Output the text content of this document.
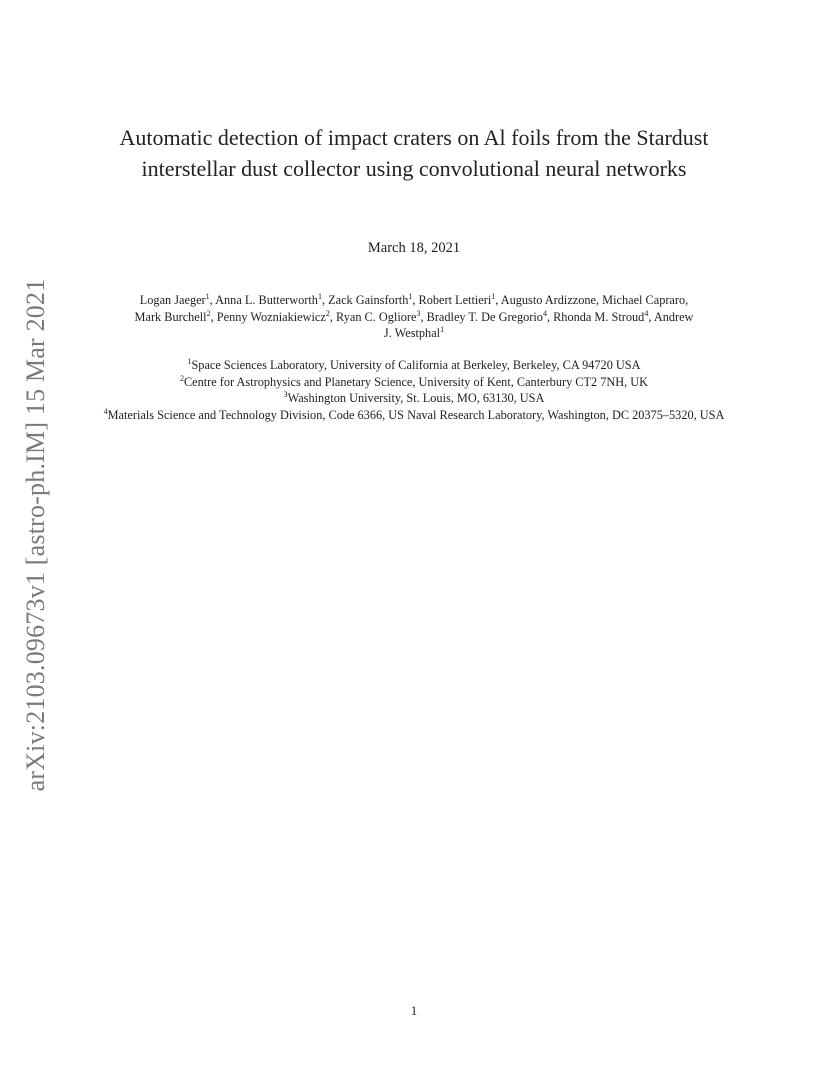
arXiv:2103.09673v1 [astro-ph.IM] 15 Mar 2021
Automatic detection of impact craters on Al foils from the Stardust
interstellar dust collector using convolutional neural networks
March 18, 2021
Logan Jaeger$^1$, Anna L. Butterworth$^1$, Zack Gainsforth$^1$, Robert Lettieri$^1$, Augusto Ardizzone, Michael Capraro,
Mark Burchell$^2$, Penny Wozniakiewicz$^2$, Ryan C. Ogliore$^3$, Bradley T. De Gregorio$^4$, Rhonda M. Stroud$^4$, Andrew
J. Westphal$^1$
$^1$Space Sciences Laboratory, University of California at Berkeley, Berkeley, CA 94720 USA
$^2$Centre for Astrophysics and Planetary Science, University of Kent, Canterbury CT2 7NH, UK
$^3$Washington University, St. Louis, MO, 63130, USA
$^4$Materials Science and Technology Division, Code 6366, US Naval Research Laboratory, Washington, DC 20375–5320, USA
1
